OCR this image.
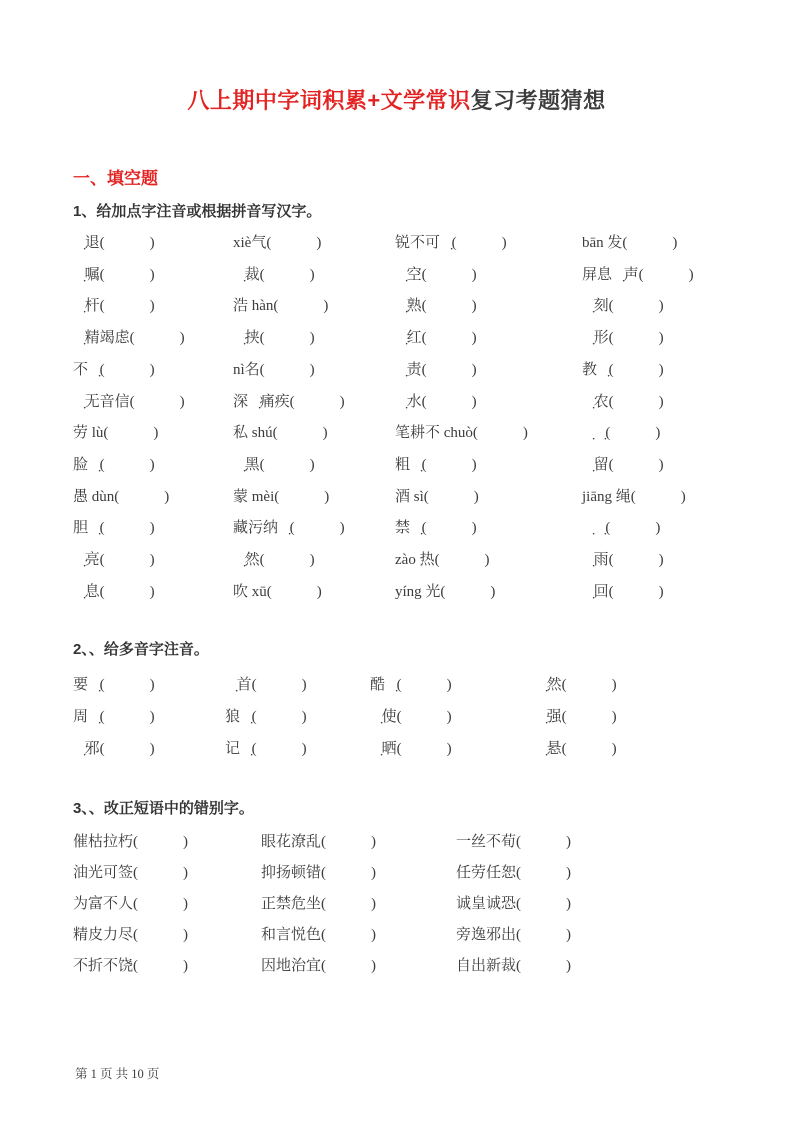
八上期中字词积累+文学常识复习考题猜想
一、填空题
1、给加点字注音或根据拼音写汉字。
溃̣退(　　　)	xiè气(　　　)	锐不可当̣(　　　)	bān 发(　　　)
遗̣嘱(　　　)	仲̣裁(　　　)	凌̣空(　　　)	屏息敛̣声(　　　)
桅̣杆(　　　)	浩 hàn(　　　)	娴̣熟(　　　)	镌̣刻(　　　)
殚̣精竭虑(　　　)	裹̣挟(　　　)	绯̣红(　　　)	畸̣形(　　　)
不逊̣(　　　)	nì名(　　　)	诘̣责(　　　)	教诲̣(　　　)
杳̣无音信(　　　)	深恶̣痛疾(　　　)	溺̣水(　　　)	佃̣农(　　　)
劳 lù(　　　)	私 shú(　　　)	笔耕不 chuò(　　　)	妯̣娌̣(　　　)
脸颊̣(　　　)	黝̣黑(　　　)	粗糙̣(　　　)	滞̣留(　　　)
愚 dùn(　　　)	蒙 mèi(　　　)	酒 sì(　　　)	jiāng 绳(　　　)
胆怯̣(　　　)	藏污纳垢̣(　　　)	禁锢̣(　　　)	侏̣儒̣(　　　)
锃̣亮(　　　)	盎̣然(　　　)	zào 热(　　　)	骤̣雨(　　　)
窒̣息(　　　)	吹 xū(　　　)	yíng 光(　　　)	迂̣回(　　　)
2、、给多音字注音。
要塞̣(　　　)	翘̣首(　　　)	酷似̣(　　　)	悄̣然(　　　)
周济̣(　　　)	狼藉̣(　　　)	差̣使(　　　)	倔̣强(　　　)
辟̣邪(　　　)	记载̣(　　　)	暴̣晒(　　　)	倒̣悬(　　　)
3、、改正短语中的错别字。
催枯拉朽(　　　)	眼花潦乱(　　　)	一丝不荀(　　　)
油光可签(　　　)	抑扬顿错(　　　)	任劳任恕(　　　)
为富不人(　　　)	正禁危坐(　　　)	诚皇诚恐(　　　)
精皮力尽(　　　)	和言悦色(　　　)	旁逸邪出(　　　)
不折不饶(　　　)	因地治宜(　　　)	自出新裁(　　　)
第 1 页 共 10 页
